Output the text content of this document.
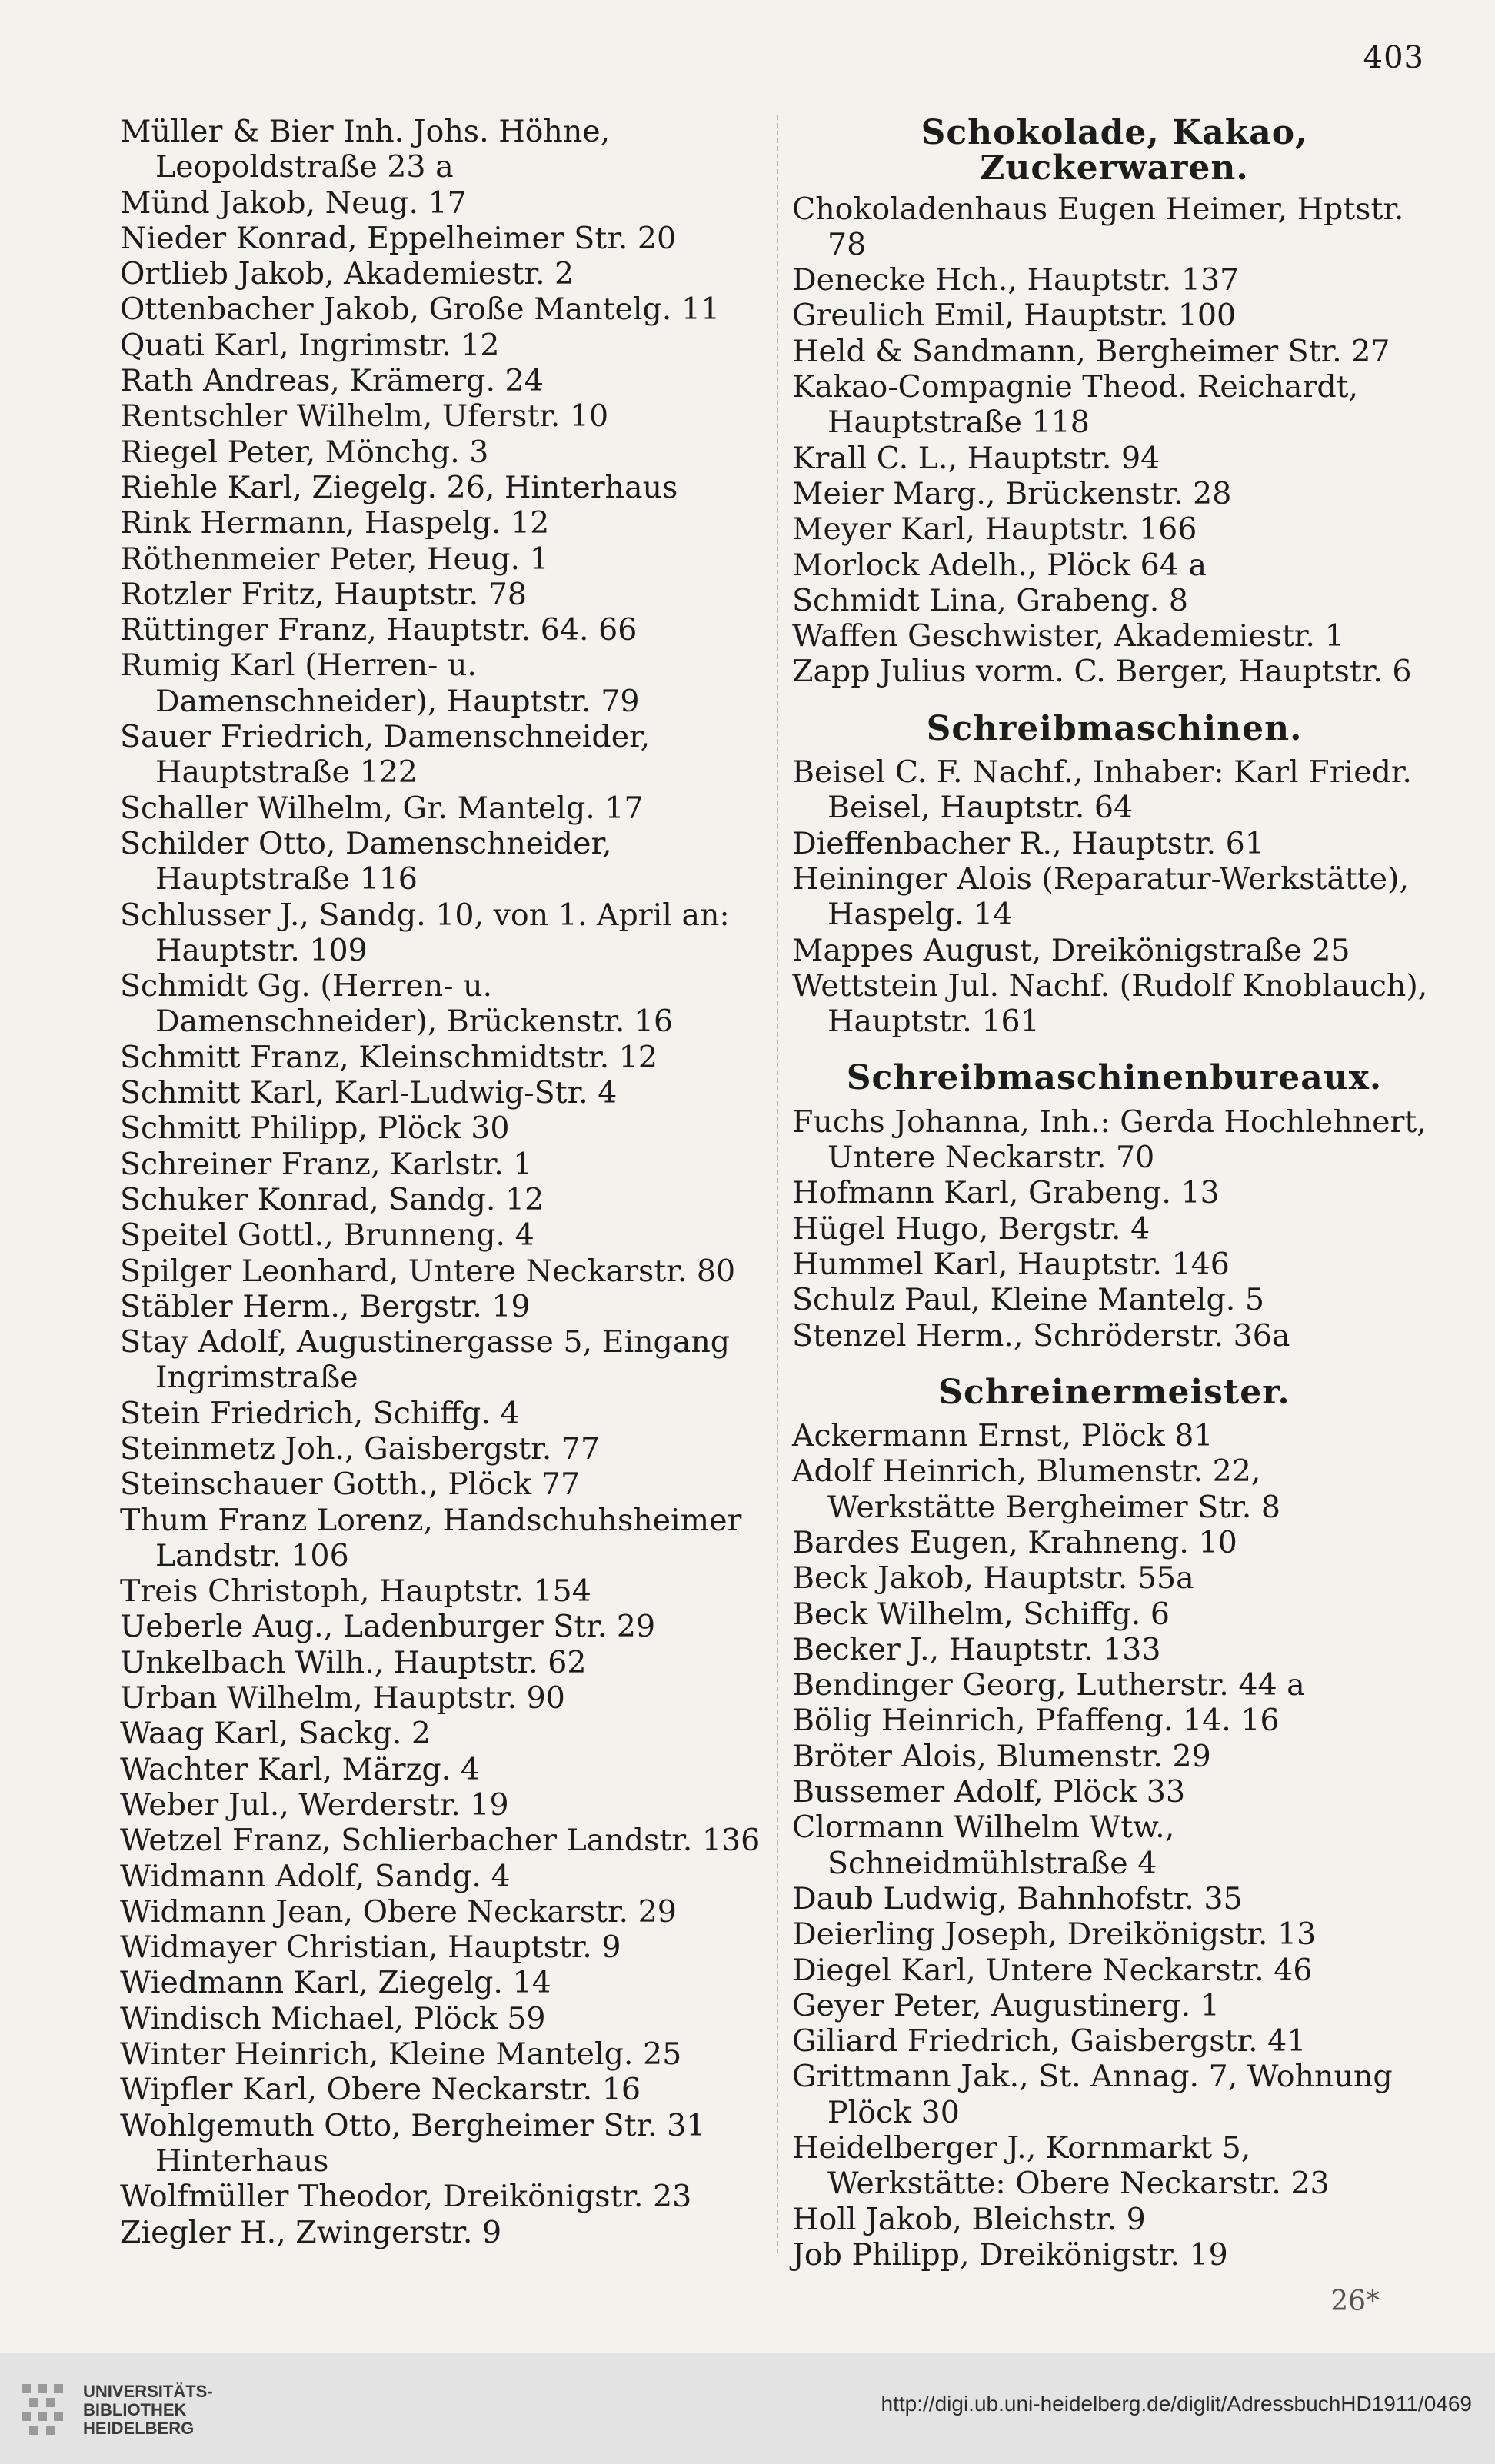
403
Müller & Bier Inh. Johs. Höhne, Leopoldstraße 23 a
Münd Jakob, Neug. 17
Nieder Konrad, Eppelheimer Str. 20
Ortlieb Jakob, Akademiestr. 2
Ottenbacher Jakob, Große Mantelg. 11
Quati Karl, Ingrimstr. 12
Rath Andreas, Krämerg. 24
Rentschler Wilhelm, Uferstr. 10
Riegel Peter, Mönchg. 3
Riehle Karl, Ziegelg. 26, Hinterhaus
Rink Hermann, Haspelg. 12
Röthenmeier Peter, Heug. 1
Rotzler Fritz, Hauptstr. 78
Rüttinger Franz, Hauptstr. 64. 66
Rumig Karl (Herren- u. Damenschneider), Hauptstr. 79
Sauer Friedrich, Damenschneider, Hauptstraße 122
Schaller Wilhelm, Gr. Mantelg. 17
Schilder Otto, Damenschneider, Hauptstraße 116
Schlusser J., Sandg. 10, von 1. April an: Hauptstr. 109
Schmidt Gg. (Herren- u. Damenschneider), Brückenstr. 16
Schmitt Franz, Kleinschmidtstr. 12
Schmitt Karl, Karl-Ludwig-Str. 4
Schmitt Philipp, Plöck 30
Schreiner Franz, Karlstr. 1
Schuker Konrad, Sandg. 12
Speitel Gottl., Brunneng. 4
Spilger Leonhard, Untere Neckarstr. 80
Stäbler Herm., Bergstr. 19
Stay Adolf, Augustinergasse 5, Eingang Ingrimstraße
Stein Friedrich, Schiffg. 4
Steinmetz Joh., Gaisbergstr. 77
Steinschauer Gotth., Plöck 77
Thum Franz Lorenz, Handschuhsheimer Landstr. 106
Treis Christoph, Hauptstr. 154
Ueberle Aug., Ladenburger Str. 29
Unkelbach Wilh., Hauptstr. 62
Urban Wilhelm, Hauptstr. 90
Waag Karl, Sackg. 2
Wachter Karl, Märzg. 4
Weber Jul., Werderstr. 19
Wetzel Franz, Schlierbacher Landstr. 136
Widmann Adolf, Sandg. 4
Widmann Jean, Obere Neckarstr. 29
Widmayer Christian, Hauptstr. 9
Wiedmann Karl, Ziegelg. 14
Windisch Michael, Plöck 59
Winter Heinrich, Kleine Mantelg. 25
Wipfler Karl, Obere Neckarstr. 16
Wohlgemuth Otto, Bergheimer Str. 31 Hinterhaus
Wolfmüller Theodor, Dreikönigstr. 23
Ziegler H., Zwingerstr. 9
Schokolade, Kakao, Zuckerwaren.
Chokoladenhaus Eugen Heimer, Hptstr. 78
Denecke Hch., Hauptstr. 137
Greulich Emil, Hauptstr. 100
Held & Sandmann, Bergheimer Str. 27
Kakao-Compagnie Theod. Reichardt, Hauptstraße 118
Krall C. L., Hauptstr. 94
Meier Marg., Brückenstr. 28
Meyer Karl, Hauptstr. 166
Morlock Adelh., Plöck 64 a
Schmidt Lina, Grabeng. 8
Waffen Geschwister, Akademiestr. 1
Zapp Julius vorm. C. Berger, Hauptstr. 6
Schreibmaschinen.
Beisel C. F. Nachf., Inhaber: Karl Friedr. Beisel, Hauptstr. 64
Dieffenbacher R., Hauptstr. 61
Heininger Alois (Reparatur-Werkstätte), Haspelg. 14
Mappes August, Dreikönigstraße 25
Wettstein Jul. Nachf. (Rudolf Knoblauch), Hauptstr. 161
Schreibmaschinenbureaux.
Fuchs Johanna, Inh.: Gerda Hochlehnert, Untere Neckarstr. 70
Hofmann Karl, Grabeng. 13
Hügel Hugo, Bergstr. 4
Hummel Karl, Hauptstr. 146
Schulz Paul, Kleine Mantelg. 5
Stenzel Herm., Schröderstr. 36a
Schreinermeister.
Ackermann Ernst, Plöck 81
Adolf Heinrich, Blumenstr. 22, Werkstätte Bergheimer Str. 8
Bardes Eugen, Krahneng. 10
Beck Jakob, Hauptstr. 55a
Beck Wilhelm, Schiffg. 6
Becker J., Hauptstr. 133
Bendinger Georg, Lutherstr. 44 a
Bölig Heinrich, Pfaffeng. 14. 16
Bröter Alois, Blumenstr. 29
Bussemer Adolf, Plöck 33
Clormann Wilhelm Wtw., Schneidmühlstraße 4
Daub Ludwig, Bahnhofstr. 35
Deierling Joseph, Dreikönigstr. 13
Diegel Karl, Untere Neckarstr. 46
Geyer Peter, Augustinerg. 1
Giliard Friedrich, Gaisbergstr. 41
Grittmann Jak., St. Annag. 7, Wohnung Plöck 30
Heidelberger J., Kornmarkt 5, Werkstätte: Obere Neckarstr. 23
Holl Jakob, Bleichstr. 9
Job Philipp, Dreikönigstr. 19
26*
UNIVERSITÄTS-
BIBLIOTHEK
HEIDELBERG
http://digi.ub.uni-heidelberg.de/diglit/AdressbuchHD1911/0469
